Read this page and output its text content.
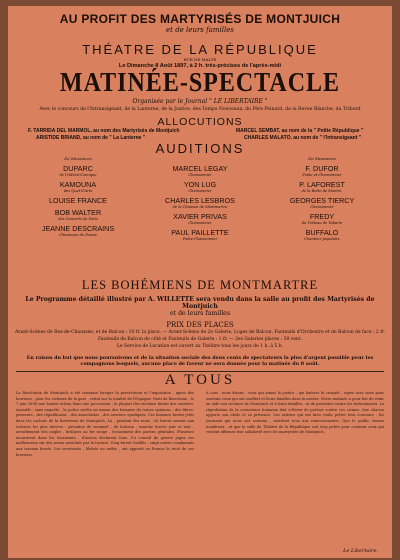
AU PROFIT DES MARTYRISÉS DE MONTJUICH
et de leurs familles
THÉATRE DE LA RÉPUBLIQUE
RUE DE MALTE
Le Dimanche 8 Août 1897, à 2 h. très-précises de l'après-midi
MATINÉE-SPECTACLE
Organisée par le Journal " LE LIBERTAIRE "
Avec le concours de l'Intransigeant, de la Lanterne, de la Justice, des Temps Nouveaux, du Père Peinard, de la Revue Blanche, du Tribord
ALLOCUTIONS
F. TARRIDA DEL MARMOL, au nom des Martyrisés de Montjuich
ARISTIDE BRIAND, au nom de " La Lanterne "
MARCEL SEMBAT, au nom de la " Petite République "
CHARLES MALATO, au nom de " l'Intransigeant "
AUDITIONS
De Messieurs
DUPARC
de l'Odéon-Comique
KAMOUNA
des Quat'Z'Arts
LOUISE FRANCE
BOB WALTER
des Concerts de Paris
JEANNE DESCRAINS
Chanteuse de Poésie

MARCEL LEGAY
Chansonnier
YON LUG
Chansonnier
CHARLES LESBROS
de la Chanson de Montmartre
XAVIER PRIVAS
Chansonnier
PAUL PAILLETTE
Poète-Chansonnier
De Messieurs
F. DUFOR
Poète et Chansonnier
P. LAFOREST
de la Butte de Montm.
GEORGES TIERCY
Chansonnier
FREDY
du Tréteau de Tabarin
BUFFALO
Chanteur populaire
LES BOHÉMIENS DE MONTMARTRE
Le Programme détaillé illustré par A. WILLETTE sera vendu dans la salle au profit des Martyrisés de Montjuich
et de leurs familles
PRIX DES PLACES
Avant-Scènes de Rez-de-Chaussée, et de Balcon : 10 fr. la place. — Avant-Scènes de 2e Galerie, Loges de Balcon, Fauteuils d'Orchestre et de Balcon de face : 2 fr.
Fauteuils de Balcon de côté et Fauteuils de Galerie : 1 fr. — 2es Galeries places : 50 cent.
Le Service de Location est ouvert au Théâtre tous les jours de 1 h. à 5 h.
En raison du but que nous poursuivons et de la situation sociale des deux cents de spectateurs la plus d'argent possible pour les compagnons lesquels, aucune place de faveur ne sera donnée pour la matinée du 8 août.
A TOUS
La Révolution de Montjuich a été commise lorsque la persécution et l'inquisition , après des horreurs , pour les victimes de la gare , retint sur la totalité de l'Espagne. Parti de Barcelone , le 7 juin 1896 une bombe éclata dans une procession ; la plupart des victimes furent des ouvriers. Aussitôt , sans enquête , la police arrêta en masse des hommes de toutes opinions , des libres-penseurs , des républicains , des anarchistes , des ouvriers syndiqués. Ces hommes furent jetés dans les cachots de la forteresse de Montjuich. Là , pendant des mois , ils furent soumis aux tortures les plus atroces : privation de sommeil , de boisson , marche forcée jour et nuit , arrachement des ongles , brûlures au fer rouge , écrasement des parties génitales. Plusieurs moururent dans les tourments , d'autres devinrent fous. Un conseil de guerre jugea ces malheureux sur des aveux arrachés par la torture. Cinq furent fusillés , vingt autres condamnés aux travaux forcés. Les survivants , libérés ou exilés , ont apporté en France le récit de ces horreurs.
A tous , nous disons : vous qui aimez la justice , qui haïssez la cruauté , soyez avec nous pour soutenir ceux qui ont souffert et leurs familles dans la misère. Notre matinée a pour but de venir en aide aux victimes de Montjuich et à leurs familles , et de protester contre les tortionnaires. La réprobation de la conscience humaine doit s'élever de partout contre ces crimes. Que chacun apporte son obole et sa présence. Les artistes qui ont bien voulu prêter leur concours , les journaux qui nous ont soutenu , méritent tous nos remerciements. Que le public vienne nombreux , et que la salle du Théâtre de la République soit trop petite pour contenir ceux qui veulent affirmer leur solidarité avec les martyrisés de Montjuich.
Le Libertaire.
